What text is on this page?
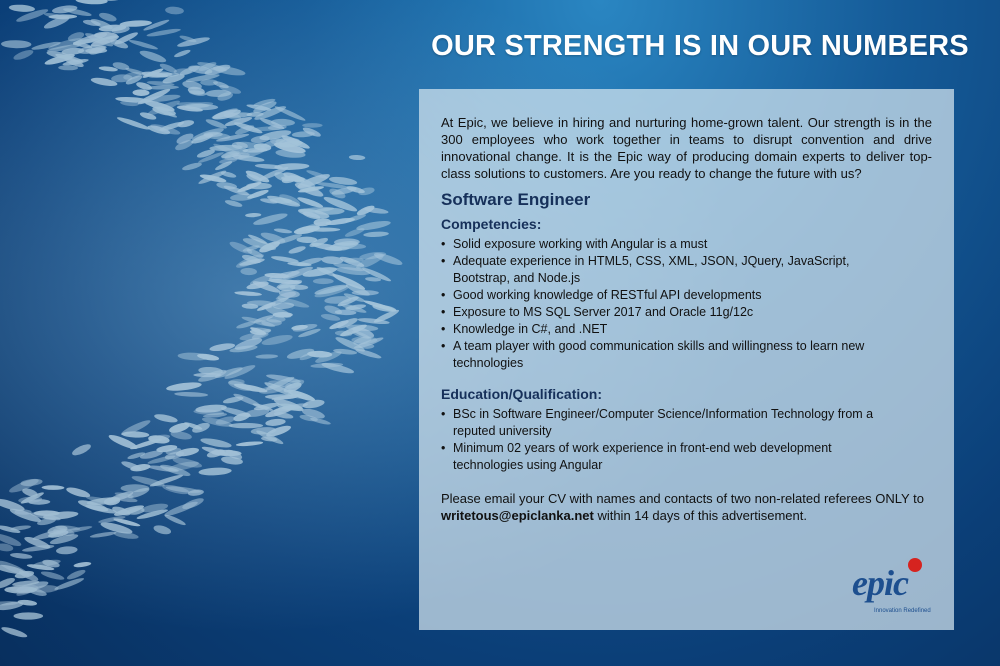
OUR STRENGTH IS IN OUR NUMBERS

At Epic, we believe in hiring and nurturing home-grown talent. Our strength is in the 300 employees who work together in teams to disrupt convention and drive innovational change. It is the Epic way of producing domain experts to deliver top-class solutions to customers. Are you ready to change the future with us?

Software Engineer
Competencies:
• Solid exposure working with Angular is a must
• Adequate experience in HTML5, CSS, XML, JSON, JQuery, JavaScript, Bootstrap, and Node.js
• Good working knowledge of RESTful API developments
• Exposure to MS SQL Server 2017 and Oracle 11g/12c
• Knowledge in C#, and .NET
• A team player with good communication skills and willingness to learn new technologies
Education/Qualification:
• BSc in Software Engineer/Computer Science/Information Technology from a reputed university
• Minimum 02 years of work experience in front-end web development technologies using Angular

Please email your CV with names and contacts of two non-related referees ONLY to
writetous@epiclanka.net within 14 days of this advertisement.

epic
Innovation Redefined
